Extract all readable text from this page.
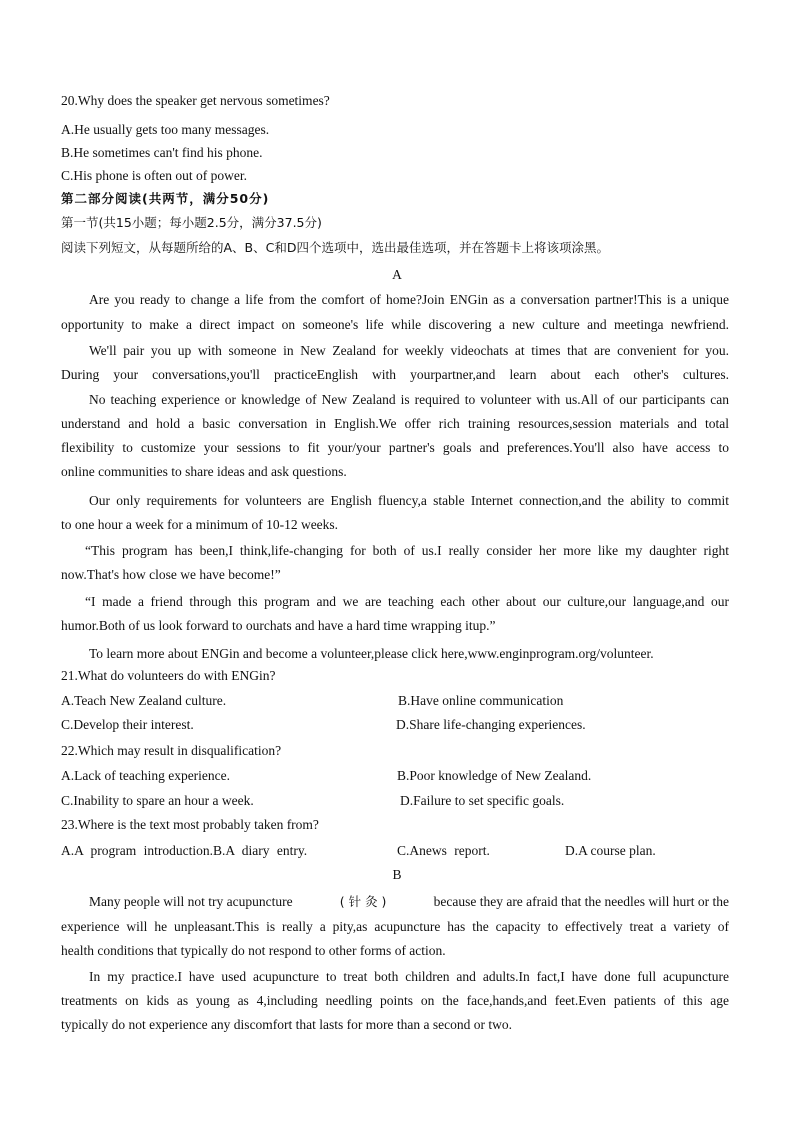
20.Why does the speaker get nervous sometimes?
A.He usually gets too many messages.
B.He sometimes can't find his phone.
C.His phone is often out of power.
第二部分阅读(共两节，满分50分)
第一节(共15小题；每小题2.5分，满分37.5分)
阅读下列短文，从每题所给的A、B、C和D四个选项中，选出最佳选项，并在答题卡上将该项涂黑。
A
Are you ready to change a life from the comfort of home?Join ENGin as a conversation partner!This is a unique
opportunity to make a direct impact on someone's life while discovering a new culture and meetinga newfriend.
We'll pair you up with someone in New Zealand for weekly videochats at times that are convenient for you.
During your conversations,you'll practiceEnglish with yourpartner,and learn about each other's cultures.
No teaching experience or knowledge of New Zealand is required to volunteer with us.All of our participants can
understand and hold a basic conversation in English.We offer rich training resources,session materials and total
flexibility to customize your sessions to fit your/your partner's goals and preferences.You'll also have access to
online communities to share ideas and ask questions.
Our only requirements for volunteers are English fluency,a stable Internet connection,and the ability to commit
to one hour a week for a minimum of 10-12 weeks.
“This program has been,I think,life-changing for both of us.I really consider her more like my daughter right
now.That's how close we have become!”
“I made a friend through this program and we are teaching each other about our culture,our language,and our
humor.Both of us look forward to ourchats and have a hard time wrapping itup.”
To learn more about ENGin and become a volunteer,please click here,www.enginprogram.org/volunteer.
21.What do volunteers do with ENGin?
A.Teach New Zealand culture.	B.Have online communication
C.Develop their interest.	D.Share life-changing experiences.
22.Which may result in disqualification?
A.Lack of teaching experience.	B.Poor knowledge of New Zealand.
C.Inability to spare an hour a week.	D.Failure to set specific goals.
23.Where is the text most probably taken from?
A.A program introduction.B.A diary entry.	C.Anews report.	D.A course plan.
B
Many people will not try acupuncture	( 针 灸 )	because they are afraid that the needles will hurt or the
experience will he unpleasant.This is really a pity,as acupuncture has the capacity to effectively treat a variety of
health conditions that typically do not respond to other forms of action.
In my practice.I have used acupuncture to treat both children and adults.In fact,I have done full acupuncture
treatments on kids as young as 4,including needling points on the face,hands,and feet.Even patients of this age
typically do not experience any discomfort that lasts for more than a second or two.
